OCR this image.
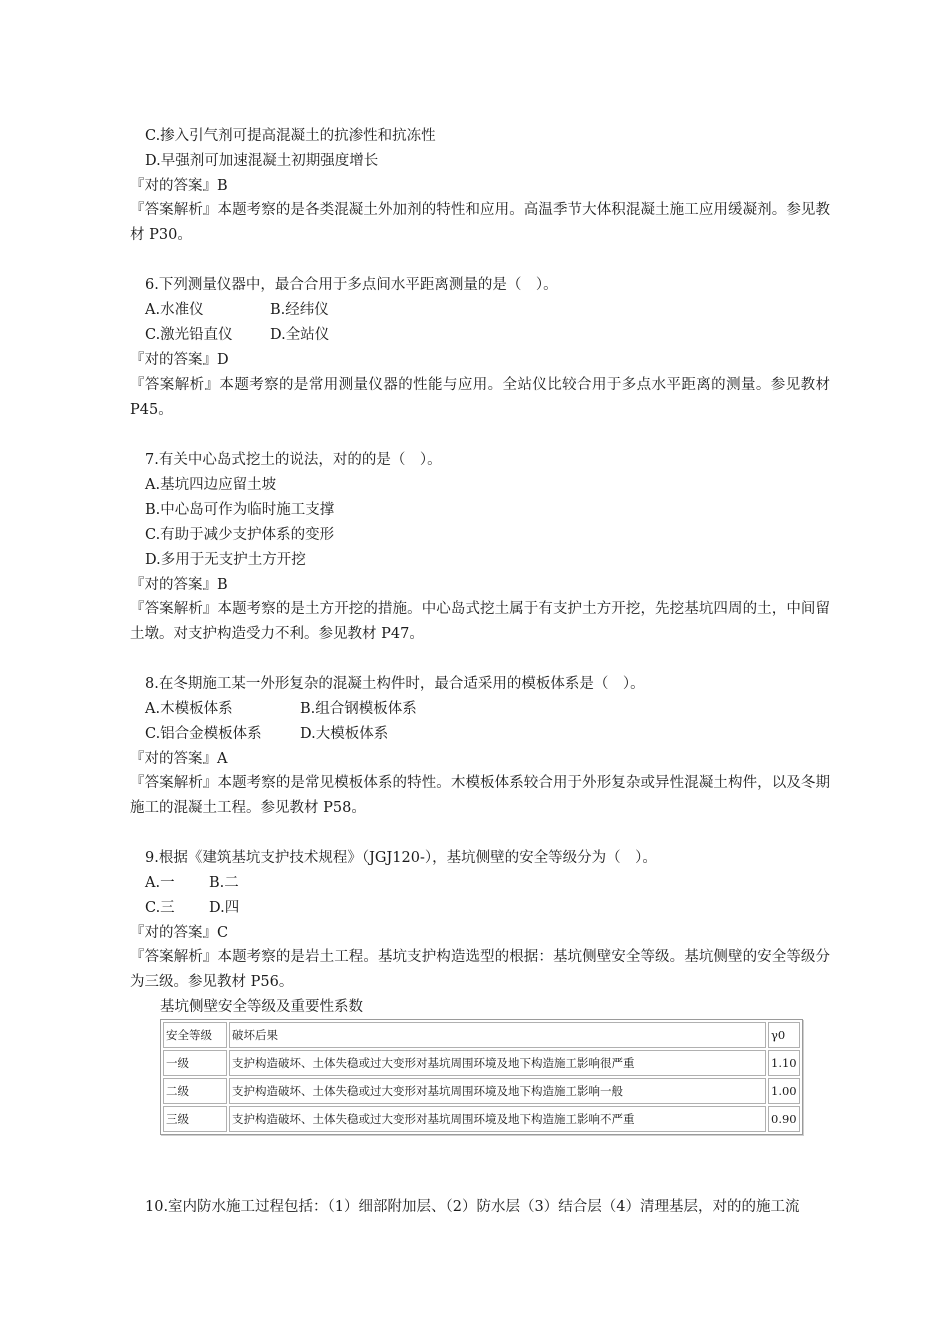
C.掺入引气剂可提高混凝土的抗渗性和抗冻性
D.早强剂可加速混凝土初期强度增长
『对的答案』B
『答案解析』本题考察的是各类混凝土外加剂的特性和应用。高温季节大体积混凝土施工应用缓凝剂。参见教材 P30。
6.下列测量仪器中，最合合用于多点间水平距离测量的是（　）。
A.水准仪	B.经纬仪
C.激光铅直仪	D.全站仪
『对的答案』D
『答案解析』本题考察的是常用测量仪器的性能与应用。全站仪比较合用于多点水平距离的测量。参见教材 P45。
7.有关中心岛式挖土的说法，对的的是（　）。
A.基坑四边应留土坡
B.中心岛可作为临时施工支撑
C.有助于减少支护体系的变形
D.多用于无支护土方开挖
『对的答案』B
『答案解析』本题考察的是土方开挖的措施。中心岛式挖土属于有支护土方开挖，先挖基坑四周的土，中间留土墩。对支护构造受力不利。参见教材 P47。
8.在冬期施工某一外形复杂的混凝土构件时，最合适采用的模板体系是（　）。
A.木模板体系	B.组合钢模板体系
C.铝合金模板体系	D.大模板体系
『对的答案』A
『答案解析』本题考察的是常见模板体系的特性。木模板体系较合用于外形复杂或异性混凝土构件，以及冬期施工的混凝土工程。参见教材 P58。
9.根据《建筑基坑支护技术规程》（JGJ120-），基坑侧壁的安全等级分为（　）。
A.一 B.二
C.三 D.四
『对的答案』C
『答案解析』本题考察的是岩土工程。基坑支护构造选型的根据：基坑侧壁安全等级。基坑侧壁的安全等级分为三级。参见教材 P56。
基坑侧壁安全等级及重要性系数
安全等级	破坏后果	γ0
一级	支护构造破坏、土体失稳或过大变形对基坑周围环境及地下构造施工影响很严重	1.10
二级	支护构造破坏、土体失稳或过大变形对基坑周围环境及地下构造施工影响一般	1.00
三级	支护构造破坏、土体失稳或过大变形对基坑周围环境及地下构造施工影响不严重	0.90
10.室内防水施工过程包括：（1）细部附加层、（2）防水层（3）结合层（4）清理基层，对的的施工流
